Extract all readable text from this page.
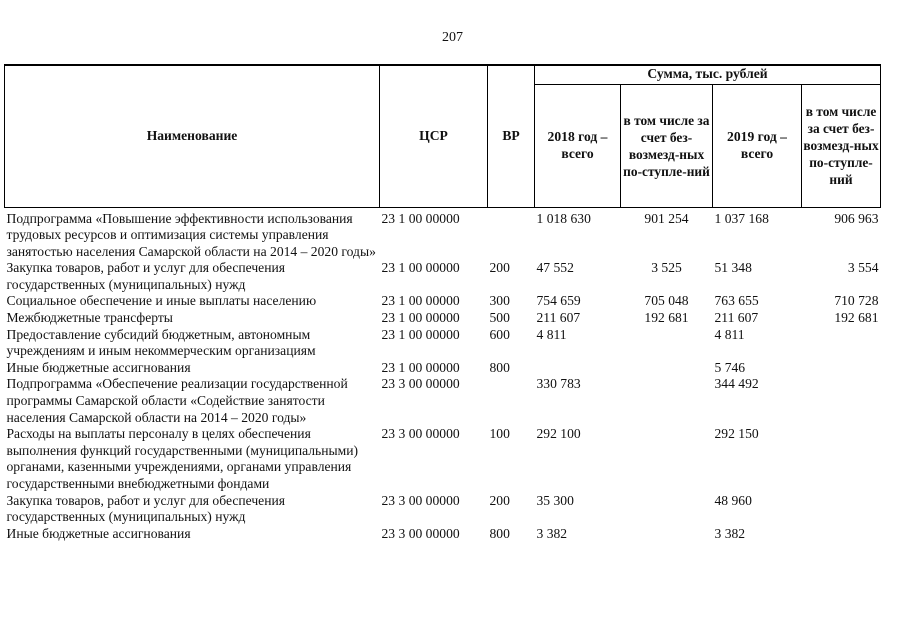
207
Наименование	ЦСР	ВР	Сумма, тыс. рублей			
			2018 год – всего	в том числе за счет без-возмезд-ных по-ступле-ний	2019 год – всего	в том числе за счет без-возмезд-ных по-ступле-ний
Подпрограмма «Повышение эффективности использования трудовых ресурсов и оптимизация системы управления занятостью населения Самарской области на 2014 – 2020 годы»	23 1 00 00000		1 018 630	901 254	1 037 168	906 963
Закупка товаров, работ и услуг для обеспечения государственных (муниципальных) нужд	23 1 00 00000	200	47 552	3 525	51 348	3 554
Социальное обеспечение и иные выплаты населению	23 1 00 00000	300	754 659	705 048	763 655	710 728
Межбюджетные трансферты	23 1 00 00000	500	211 607	192 681	211 607	192 681
Предоставление субсидий бюджетным, автономным учреждениям и иным некоммерческим организациям	23 1 00 00000	600	4 811		4 811	
Иные бюджетные ассигнования	23 1 00 00000	800			5 746	
Подпрограмма «Обеспечение реализации государственной программы Самарской области «Содействие занятости населения Самарской области на 2014 – 2020 годы»	23 3 00 00000		330 783		344 492	
Расходы на выплаты персоналу в целях обеспечения выполнения функций государственными (муниципальными) органами, казенными учреждениями, органами управления государственными внебюджетными фондами	23 3 00 00000	100	292 100		292 150	
Закупка товаров, работ и услуг для обеспечения государственных (муниципальных) нужд	23 3 00 00000	200	35 300		48 960	
Иные бюджетные ассигнования	23 3 00 00000	800	3 382		3 382	
